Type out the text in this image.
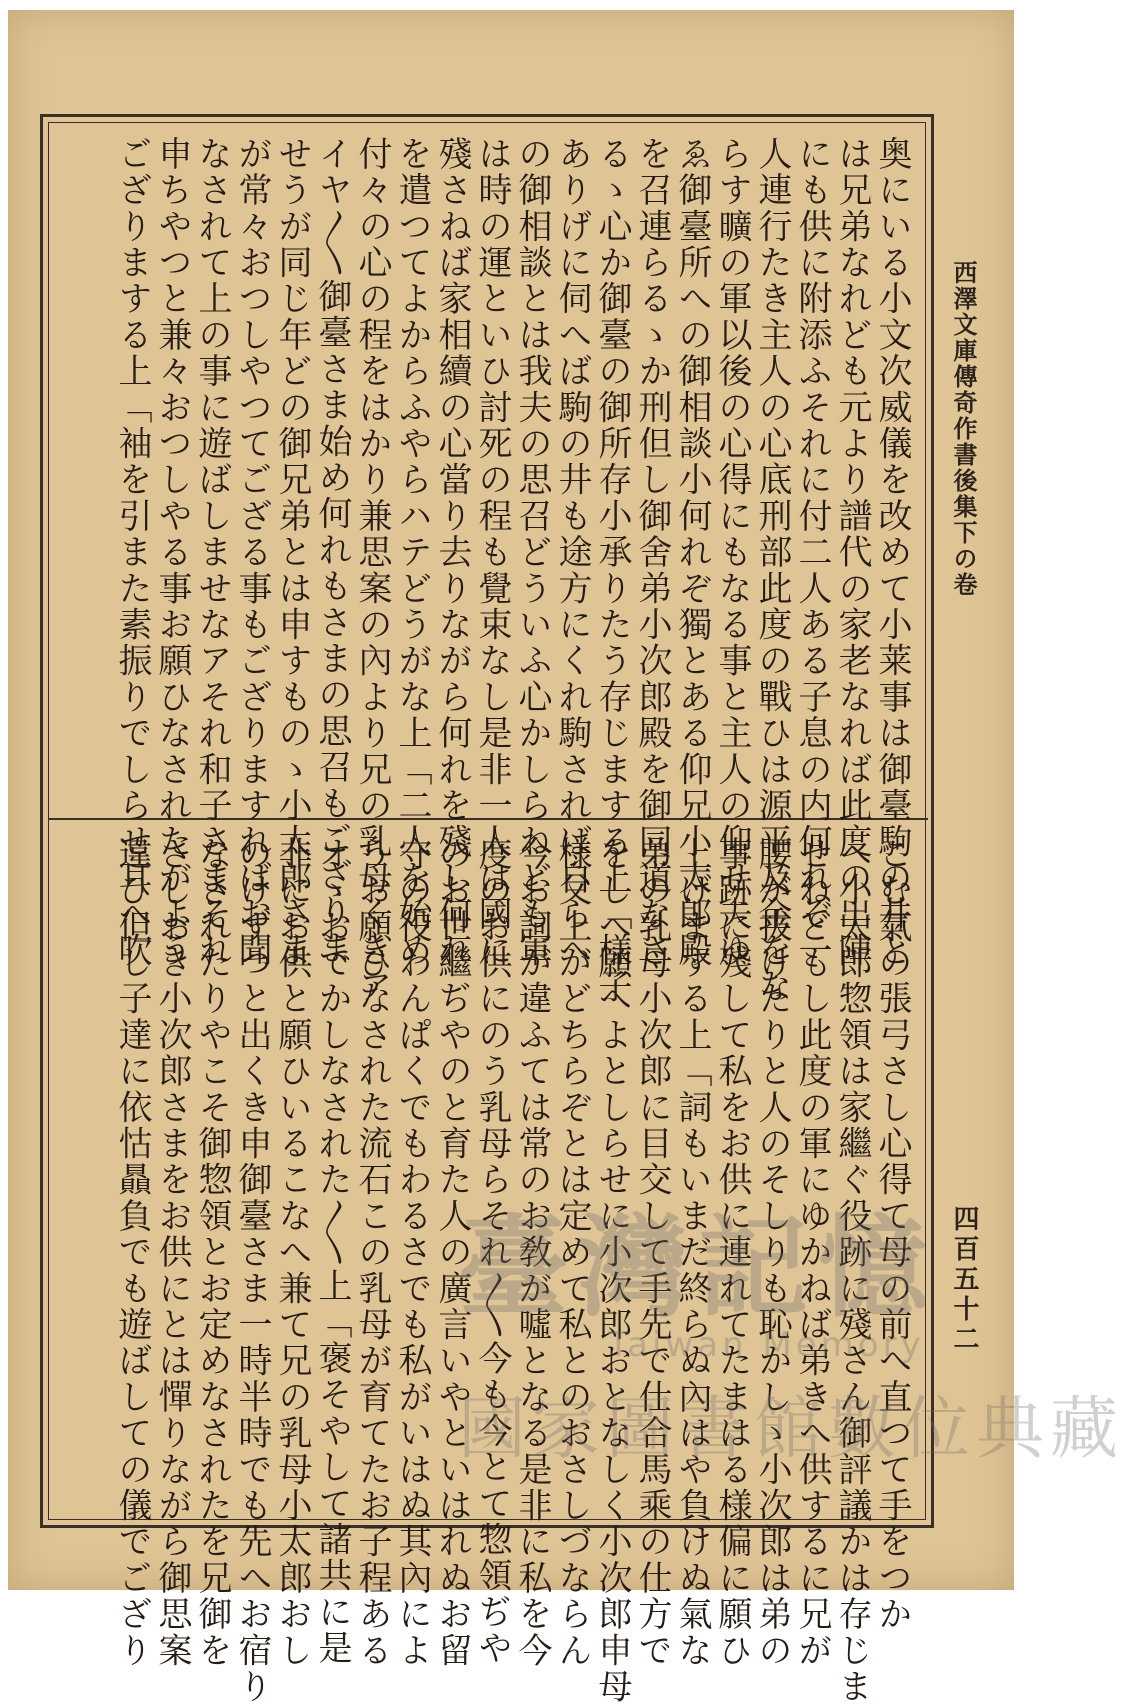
西澤文庫傳奇作書後集下の卷
四百五十二
奥にいる小文次威儀を改めて小莱事は御臺駒の井と
は兄弟なれども元より譜代の家老なれば此度の出陣
にも供に附添ふそれに付二人ある子息の内何れぞ一
人連行たき主人の心底刑部此度の戰ひは源平及金をな
らす曠の軍以後の心得にもなる事と主人の仰せ夫ゆ
ゑ御臺所への御相談小何れぞ獨とある仰兄小太郎殿
を召連らるゝか刑但し御舍弟小次郎殿を御同道なさ
るゝ心か御臺の御所存小承りたう存じまする上「様子
ありげに伺へば駒の井も途方にくれ駒されば自らへ
の御相談とは我夫の思召どういふ心かしらねども軍
は時の運といひ討死の程も覺束なし是非一人は國に
殘さねば家相續の心當り去りながら何れを殘し何れ
を遣つてよからふやらハテどうがな上「二人を始め
付々の心の程をはかり兼思案の內より兄の乳母くきア
イヤ〳〵御臺さま始め何れもさまの思召もござりま
せうが同じ年どの御兄弟とは申すものゝ小太郎さま
が常々おつしやつてござる事もござりますればお聞
なされて上の事に遊ばしませなアそれ和子さまそれ
申ちやつと兼々おつしやる事お願ひなされたがよう
ござりまする上「袖を引また素振りでしらせ耳へ吹
こむ氣の張弓さし心得て母の前へ直つて手をつか
へ小太郎惣領は家繼ぐ役跡に殘さん御評議かは存じま
せねどもし此度の軍にゆかねば弟きへ供するに兄が
腰が拔けたりと人のそしりも恥かしゝ小次郎は弟の
事跡に殘して私をお供に連れてたまはる様偏に願ひ
上げまする上「詞もいまだ終らぬ內はや負けぬ氣な
弟の乳母小次郎に目交して手先で仕合馬乘の仕方で
をしへ願へよとしらせに小次郎おとなしく小次郎申母
様父上がどちらぞとは定めて私とのおさしづならん
今お詞が違ふては常のお敎が噓となる是非に私を今
度のお供にのう乳母らそれ〳〵今も今とて惣領ぢや
のお世繼ぢやのと育た人の廣言いやといはれぬお留
守の役わんぱくでもわるさでも私がいはぬ其內によ
うお願ひなされた流石この乳母が育てたお子程ある
オゝおでかしなされた〳〵上「褒そやして諸共に是
非にお供と願ひいるこなへ兼て兄の乳母小太郎おし
のけずつと出くき申御臺さま一時半時でも先へお宿り
なされたりやこそ御惣領とお定めなされたを兄御を
さしおき小次郎さまをお供にとは憚りながら御思案
違ひ但し子達に依怙贔負でも遊ばしての儀でござり	臺灣記憶
Taiwan Memory
國家圖書館數位典藏
